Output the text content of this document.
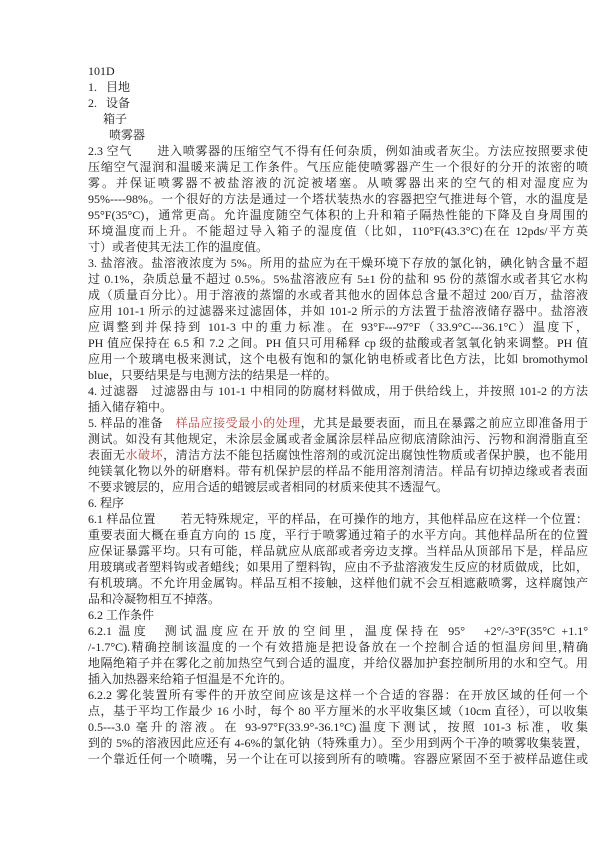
101D
1.   目地
2.   设备
箱子
喷雾器
2.3 空气　　进入喷雾器的压缩空气不得有任何杂质，例如油或者灰尘。方法应按照要求使
压缩空气湿润和温暖来满足工作条件。气压应能使喷雾器产生一个很好的分开的浓密的喷
雾。并保证喷雾器不被盐溶液的沉淀被堵塞。从喷雾器出来的空气的相对湿度应为
95%----98%。一个很好的方法是通过一个塔状装热水的容器把空气推进每个管，水的温度是
95°F(35°C)，通常更高。允许温度随空气体积的上升和箱子隔热性能的下降及自身周围的
环境温度而上升。不能超过导入箱子的湿度值（比如，110°F(43.3°C)在在 12pds/平方英
寸）或者使其无法工作的温度值。
3. 盐溶液。盐溶液浓度为 5%。所用的盐应为在干燥环境下存放的氯化钠，碘化钠含量不超
过 0.1%，杂质总量不超过 0.5%。5%盐溶液应有 5±1 份的盐和 95 份的蒸馏水或者其它水构
成（质量百分比）。用于溶液的蒸馏的水或者其他水的固体总含量不超过 200/百万，盐溶液
应用 101-1 所示的过滤器来过滤固体，并如 101-2 所示的方法置于盐溶液储存器中。盐溶液
应调整到并保持到 101-3 中的重力标准。在 93°F---97°F（33.9°C---36.1°C）温度下，
PH 值应保持在 6.5 和 7.2 之间。PH 值只可用稀释 cp 级的盐酸或者氢氧化钠来调整。PH 值
应用一个玻璃电极来测试，这个电极有饱和的氯化钠电桥或者比色方法，比如 bromothymol
blue，只要结果是与电测方法的结果是一样的。
4. 过滤器　过滤器由与 101-1 中相同的防腐材料做成，用于供给线上，并按照 101-2 的方法
插入储存箱中。
5. 样品的准备　样品应接受最小的处理，尤其是最要表面，而且在暴露之前应立即准备用于
测试。如没有其他规定，未涂层金属或者金属涂层样品应彻底清除油污、污物和润滑脂直至
表面无水破坏，清洁方法不能包括腐蚀性溶剂的或沉淀出腐蚀性物质或者保护膜，也不能用
纯镁氧化物以外的研磨料。带有机保护层的样品不能用溶剂清洁。样品有切掉边缘或者表面
不要求镀层的，应用合适的蜡镀层或者相同的材质来使其不透湿气。
6. 程序
6.1 样品位置　　若无特殊规定，平的样品，在可操作的地方，其他样品应在这样一个位置：
重要表面大概在垂直方向的 15 度，平行于喷雾通过箱子的水平方向。其他样品所在的位置
应保证暴露平均。只有可能，样品就应从底部或者旁边支撑。当样品从顶部吊下是，样品应
用玻璃或者塑料钩或者蜡线；如果用了塑料钩，应由不予盐溶液发生反应的材质做成，比如，
有机玻璃。不允许用金属钩。样品互相不接触，这样他们就不会互相遮蔽喷雾，这样腐蚀产
品和冷凝物相互不掉落。
6.2 工作条件
6.2.1 温度　测试温度应在开放的空间里，温度保持在 95°　+2°/-3°F(35°C +1.1°
/-1.7°C).精确控制该温度的一个有效措施是把设备放在一个控制合适的恒温房间里,精确
地隔绝箱子并在雾化之前加热空气到合适的温度，并给仪器加护套控制所用的水和空气。用
插入加热器来给箱子恒温是不允许的。
6.2.2 雾化装置所有零件的开放空间应该是这样一个合适的容器：在开放区域的任何一个
点，基于平均工作最少 16 小时，每个 80 平方厘米的水平收集区域（10cm 直径），可以收集
0.5---3.0 毫升的溶液。在 93-97°F(33.9°-36.1°C)温度下测试，按照 101-3 标准，收集
到的 5%的溶液因此应还有 4-6%的氯化钠（特殊重力）。至少用到两个干净的喷雾收集装置，
一个靠近任何一个喷嘴，另一个让在可以接到所有的喷嘴。容器应紧固不至于被样品遮住或
